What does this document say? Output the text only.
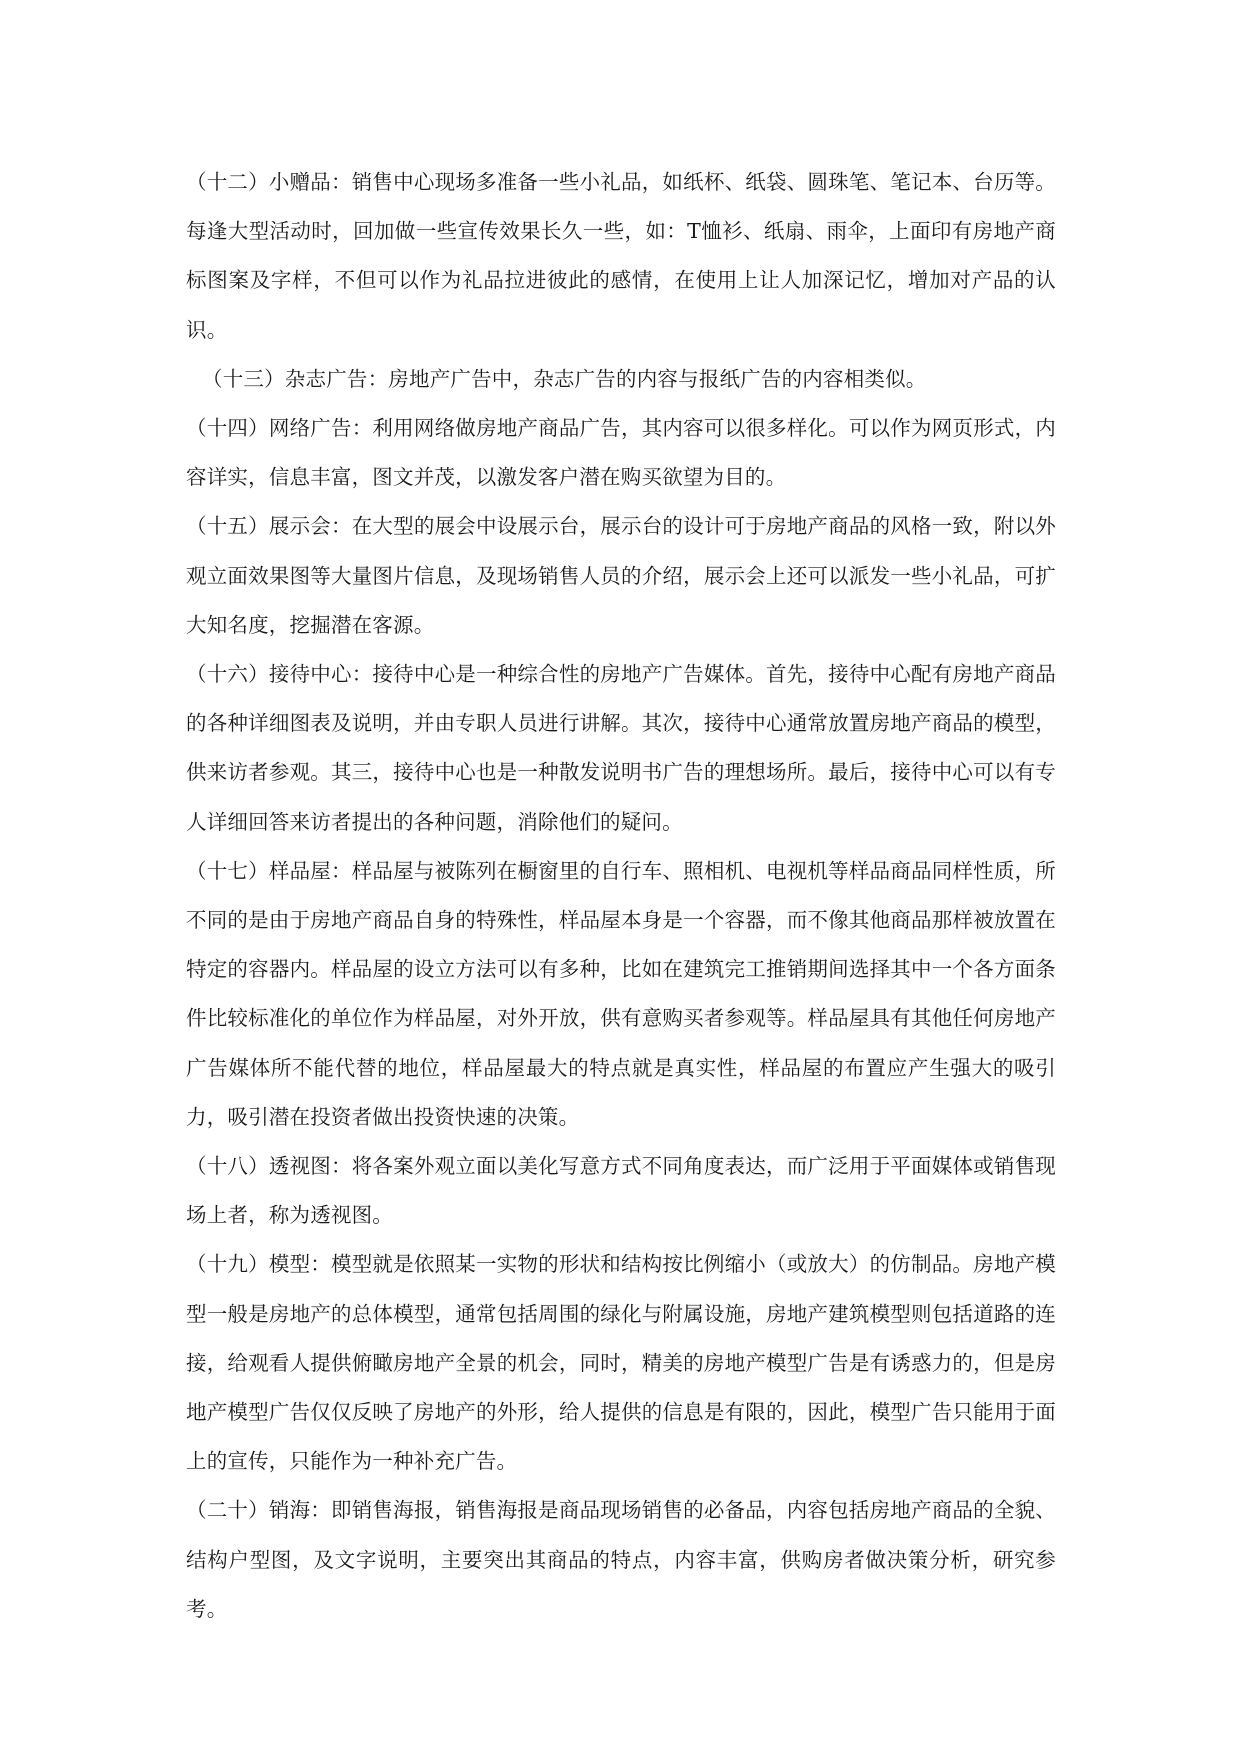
（十二）小赠品：销售中心现场多准备一些小礼品，如纸杯、纸袋、圆珠笔、笔记本、台历等。每逢大型活动时，回加做一些宣传效果长久一些，如：T恤衫、纸扇、雨伞，上面印有房地产商标图案及字样，不但可以作为礼品拉进彼此的感情，在使用上让人加深记忆，增加对产品的认识。

（十三）杂志广告：房地产广告中，杂志广告的内容与报纸广告的内容相类似。

（十四）网络广告：利用网络做房地产商品广告，其内容可以很多样化。可以作为网页形式，内容详实，信息丰富，图文并茂，以激发客户潜在购买欲望为目的。

（十五）展示会：在大型的展会中设展示台，展示台的设计可于房地产商品的风格一致，附以外观立面效果图等大量图片信息，及现场销售人员的介绍，展示会上还可以派发一些小礼品，可扩大知名度，挖掘潜在客源。

（十六）接待中心：接待中心是一种综合性的房地产广告媒体。首先，接待中心配有房地产商品的各种详细图表及说明，并由专职人员进行讲解。其次，接待中心通常放置房地产商品的模型，供来访者参观。其三，接待中心也是一种散发说明书广告的理想场所。最后，接待中心可以有专人详细回答来访者提出的各种问题，消除他们的疑问。

（十七）样品屋：样品屋与被陈列在橱窗里的自行车、照相机、电视机等样品商品同样性质，所不同的是由于房地产商品自身的特殊性，样品屋本身是一个容器，而不像其他商品那样被放置在特定的容器内。样品屋的设立方法可以有多种，比如在建筑完工推销期间选择其中一个各方面条件比较标准化的单位作为样品屋，对外开放，供有意购买者参观等。样品屋具有其他任何房地产广告媒体所不能代替的地位，样品屋最大的特点就是真实性，样品屋的布置应产生强大的吸引力，吸引潜在投资者做出投资快速的决策。

（十八）透视图：将各案外观立面以美化写意方式不同角度表达，而广泛用于平面媒体或销售现场上者，称为透视图。

（十九）模型：模型就是依照某一实物的形状和结构按比例缩小（或放大）的仿制品。房地产模型一般是房地产的总体模型，通常包括周围的绿化与附属设施，房地产建筑模型则包括道路的连接，给观看人提供俯瞰房地产全景的机会，同时，精美的房地产模型广告是有诱惑力的，但是房地产模型广告仅仅反映了房地产的外形，给人提供的信息是有限的，因此，模型广告只能用于面上的宣传，只能作为一种补充广告。

（二十）销海：即销售海报，销售海报是商品现场销售的必备品，内容包括房地产商品的全貌、结构户型图，及文字说明，主要突出其商品的特点，内容丰富，供购房者做决策分析，研究参考。
